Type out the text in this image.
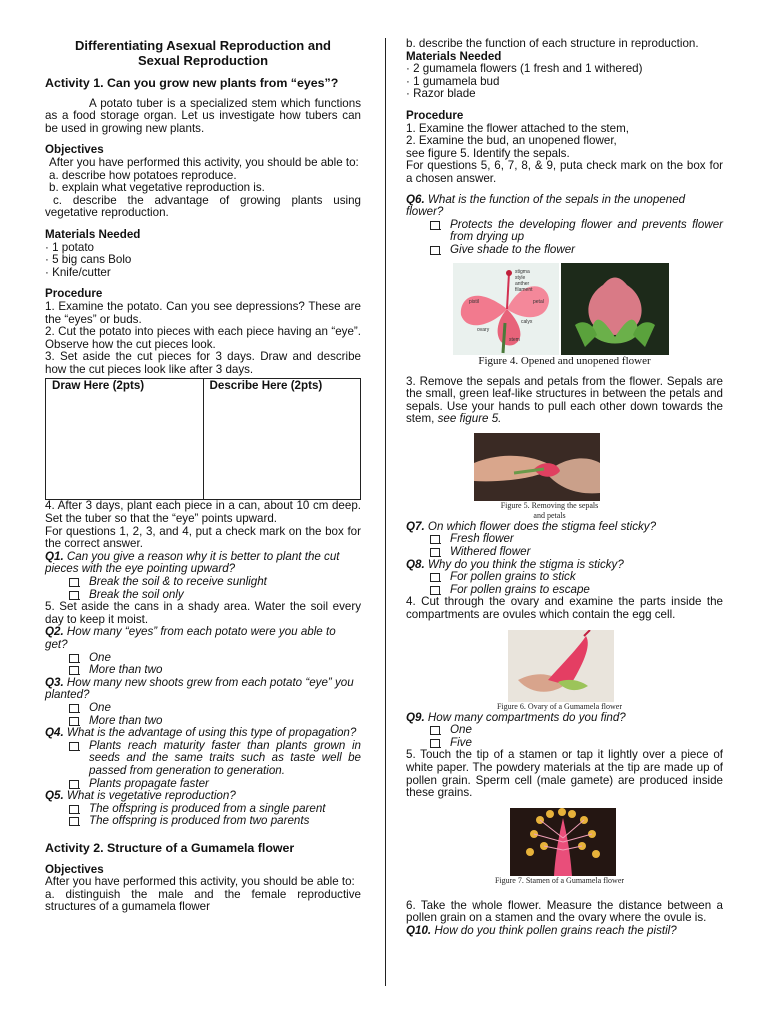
Differentiating Asexual Reproduction and
Sexual Reproduction
Activity 1. Can you grow new plants from “eyes”?
A potato tuber is a specialized stem which functions as a food storage organ. Let us investigate how tubers can be used in growing new plants.
Objectives
After you have performed this activity, you should be able to:
a. describe how potatoes reproduce.
b. explain what vegetative reproduction is.
c. describe the advantage of growing plants using vegetative reproduction.
Materials Needed
· 1 potato
· 5 big cans Bolo
· Knife/cutter
Procedure
1. Examine the potato. Can you see depressions? These are the “eyes” or buds.
2. Cut the potato into pieces with each piece having an “eye”. Observe how the cut pieces look.
3. Set aside the cut pieces for 3 days. Draw and describe how the cut pieces look like after 3 days.
Draw Here (2pts)	Describe Here (2pts)
4. After 3 days, plant each piece in a can, about 10 cm deep. Set the tuber so that the “eye” points upward.
For questions 1, 2, 3, and 4, put a check mark on the box for the correct answer.
Q1. Can you give a reason why it is better to plant the cut pieces with the eye pointing upward?
Break the soil & to receive sunlight
Break the soil only
5. Set aside the cans in a shady area. Water the soil every day to keep it moist.
Q2. How many “eyes” from each potato were you able to get?
One
More than two
Q3. How many new shoots grew from each potato “eye” you planted?
One
More than two
Q4. What is the advantage of using this type of propagation?
Plants reach maturity faster than plants grown in seeds and the same traits such as taste well be passed from generation to generation.
Plants propagate faster
Q5. What is vegetative reproduction?
The offspring is produced from a single parent
The offspring is produced from two parents
Activity 2. Structure of a Gumamela flower
Objectives
After you have performed this activity, you should be able to:
a. distinguish the male and the female reproductive structures of a gumamela flower
b. describe the function of each structure in reproduction.
Materials Needed
· 2 gumamela flowers (1 fresh and 1 withered)
· 1 gumamela bud
· Razor blade
Procedure
1. Examine the flower attached to the stem,
2. Examine the bud, an unopened flower,
see figure 5. Identify the sepals.
For questions 5, 6, 7, 8, & 9, puta check mark on the box for a chosen answer.
Q6. What is the function of the sepals in the unopened flower?
Protects the developing flower and prevents flower from drying up
Give shade to the flower
stigma
style
anther
filament
petal
calyx
ovary
stem
pistil
Figure 4. Opened and unopened flower
3. Remove the sepals and petals from the flower. Sepals are the small, green leaf-like structures in between the petals and sepals. Use your hands to pull each other down towards the stem, see figure 5.
Figure 5. Removing the sepals
and petals
Q7. On which flower does the stigma feel sticky?
Fresh flower
Withered flower
Q8. Why do you think the stigma is sticky?
For pollen grains to stick
For pollen grains to escape
4. Cut through the ovary and examine the parts inside the compartments are ovules which contain the egg cell.
Figure 6. Ovary of a Gumamela flower
Q9. How many compartments do you find?
One
Five
5. Touch the tip of a stamen or tap it lightly over a piece of white paper. The powdery materials at the tip are made up of pollen grain. Sperm cell (male gamete) are produced inside these grains.
Figure 7. Stamen of a Gumamela flower
6. Take the whole flower. Measure the distance between a pollen grain on a stamen and the ovary where the ovule is.
Q10. How do you think pollen grains reach the pistil?
